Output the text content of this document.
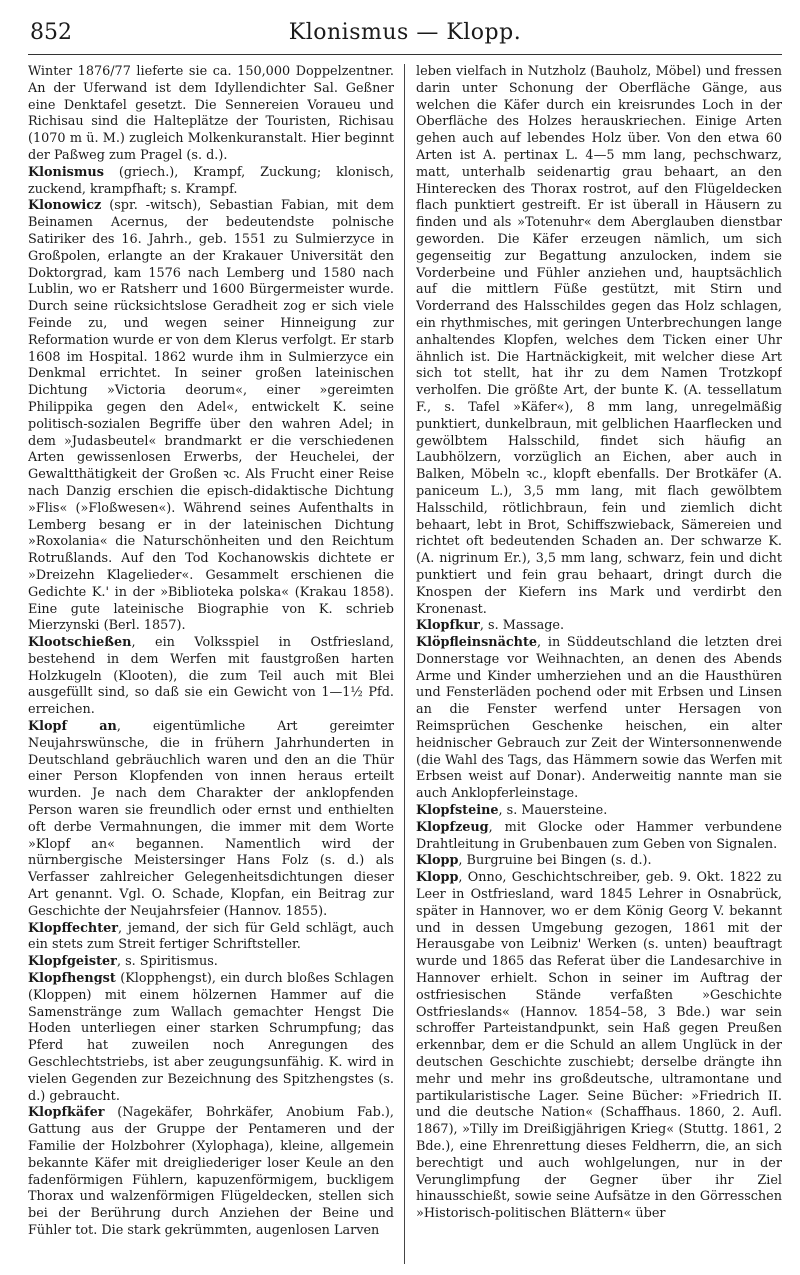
852	Klonismus — Klopp.

Winter 1876/77 lieferte sie ca. 150,000 Doppelzentner. An der Uferwand ist dem Idyllendichter Sal. Geßner eine Denktafel gesetzt. Die Sennereien Voraueu und Richisau sind die Halteplätze der Touristen, Richisau (1070 m ü. M.) zugleich Molkenkuranstalt. Hier beginnt der Paßweg zum Pragel (s. d.).

Klonismus (griech.), Krampf, Zuckung; klonisch, zuckend, krampfhaft; s. Krampf.

Klonowicz (spr. -witsch), Sebastian Fabian, mit dem Beinamen Acernus, der bedeutendste polnische Satiriker des 16. Jahrh., geb. 1551 zu Sulmierzyce in Großpolen, erlangte an der Krakauer Universität den Doktorgrad, kam 1576 nach Lemberg und 1580 nach Lublin, wo er Ratsherr und 1600 Bürgermeister wurde. Durch seine rücksichtslose Geradheit zog er sich viele Feinde zu, und wegen seiner Hinneigung zur Reformation wurde er von dem Klerus verfolgt. Er starb 1608 im Hospital. 1862 wurde ihm in Sulmierzyce ein Denkmal errichtet. In seiner großen lateinischen Dichtung »Victoria deorum«, einer »gereimten Philippika gegen den Adel«, entwickelt K. seine politisch-sozialen Begriffe über den wahren Adel; in dem »Judasbeutel« brandmarkt er die verschiedenen Arten gewissenlosen Erwerbs, der Heuchelei, der Gewaltthätigkeit der Großen ꝛc. Als Frucht einer Reise nach Danzig erschien die episch-didaktische Dichtung »Flis« (»Floßwesen«). Während seines Aufenthalts in Lemberg besang er in der lateinischen Dichtung »Roxolania« die Naturschönheiten und den Reichtum Rotrußlands. Auf den Tod Kochanowskis dichtete er »Dreizehn Klagelieder«. Gesammelt erschienen die Gedichte K.' in der »Biblioteka polska« (Krakau 1858). Eine gute lateinische Biographie von K. schrieb Mierzynski (Berl. 1857).

Klootschießen, ein Volksspiel in Ostfriesland, bestehend in dem Werfen mit faustgroßen harten Holzkugeln (Klooten), die zum Teil auch mit Blei ausgefüllt sind, so daß sie ein Gewicht von 1—1½ Pfd. erreichen.

Klopf an, eigentümliche Art gereimter Neujahrswünsche, die in frühern Jahrhunderten in Deutschland gebräuchlich waren und den an die Thür einer Person Klopfenden von innen heraus erteilt wurden. Je nach dem Charakter der anklopfenden Person waren sie freundlich oder ernst und enthielten oft derbe Vermahnungen, die immer mit dem Worte »Klopf an« begannen. Namentlich wird der nürnbergische Meistersinger Hans Folz (s. d.) als Verfasser zahlreicher Gelegenheitsdichtungen dieser Art genannt. Vgl. O. Schade, Klopfan, ein Beitrag zur Geschichte der Neujahrsfeier (Hannov. 1855).

Klopffechter, jemand, der sich für Geld schlägt, auch ein stets zum Streit fertiger Schriftsteller.

Klopfgeister, s. Spiritismus.

Klopfhengst (Klopphengst), ein durch bloßes Schlagen (Kloppen) mit einem hölzernen Hammer auf die Samenstränge zum Wallach gemachter Hengst Die Hoden unterliegen einer starken Schrumpfung; das Pferd hat zuweilen noch Anregungen des Geschlechtstriebs, ist aber zeugungsunfähig. K. wird in vielen Gegenden zur Bezeichnung des Spitzhengstes (s. d.) gebraucht.

Klopfkäfer (Nagekäfer, Bohrkäfer, Anobium Fab.), Gattung aus der Gruppe der Pentameren und der Familie der Holzbohrer (Xylophaga), kleine, allgemein bekannte Käfer mit dreigliederiger loser Keule an den fadenförmigen Fühlern, kapuzenförmigem, buckligem Thorax und walzenförmigen Flügeldecken, stellen sich bei der Berührung durch Anziehen der Beine und Fühler tot. Die stark gekrümmten, augenlosen Larven

leben vielfach in Nutzholz (Bauholz, Möbel) und fressen darin unter Schonung der Oberfläche Gänge, aus welchen die Käfer durch ein kreisrundes Loch in der Oberfläche des Holzes herauskriechen. Einige Arten gehen auch auf lebendes Holz über. Von den etwa 60 Arten ist A. pertinax L. 4—5 mm lang, pechschwarz, matt, unterhalb seidenartig grau behaart, an den Hinterecken des Thorax rostrot, auf den Flügeldecken flach punktiert gestreift. Er ist überall in Häusern zu finden und als »Totenuhr« dem Aberglauben dienstbar geworden. Die Käfer erzeugen nämlich, um sich gegenseitig zur Begattung anzulocken, indem sie Vorderbeine und Fühler anziehen und, hauptsächlich auf die mittlern Füße gestützt, mit Stirn und Vorderrand des Halsschildes gegen das Holz schlagen, ein rhythmisches, mit geringen Unterbrechungen lange anhaltendes Klopfen, welches dem Ticken einer Uhr ähnlich ist. Die Hartnäckigkeit, mit welcher diese Art sich tot stellt, hat ihr zu dem Namen Trotzkopf verholfen. Die größte Art, der bunte K. (A. tessellatum F., s. Tafel »Käfer«), 8 mm lang, unregelmäßig punktiert, dunkelbraun, mit gelblichen Haarflecken und gewölbtem Halsschild, findet sich häufig an Laubhölzern, vorzüglich an Eichen, aber auch in Balken, Möbeln ꝛc., klopft ebenfalls. Der Brotkäfer (A. paniceum L.), 3,5 mm lang, mit flach gewölbtem Halsschild, rötlichbraun, fein und ziemlich dicht behaart, lebt in Brot, Schiffszwieback, Sämereien und richtet oft bedeutenden Schaden an. Der schwarze K. (A. nigrinum Er.), 3,5 mm lang, schwarz, fein und dicht punktiert und fein grau behaart, dringt durch die Knospen der Kiefern ins Mark und verdirbt den Kronenast.

Klopfkur, s. Massage.

Klöpfleinsnächte, in Süddeutschland die letzten drei Donnerstage vor Weihnachten, an denen des Abends Arme und Kinder umherziehen und an die Hausthüren und Fensterläden pochend oder mit Erbsen und Linsen an die Fenster werfend unter Hersagen von Reimsprüchen Geschenke heischen, ein alter heidnischer Gebrauch zur Zeit der Wintersonnenwende (die Wahl des Tags, das Hämmern sowie das Werfen mit Erbsen weist auf Donar). Anderweitig nannte man sie auch Anklopferleinstage.

Klopfsteine, s. Mauersteine.

Klopfzeug, mit Glocke oder Hammer verbundene Drahtleitung in Grubenbauen zum Geben von Signalen.

Klopp, Burgruine bei Bingen (s. d.).

Klopp, Onno, Geschichtschreiber, geb. 9. Okt. 1822 zu Leer in Ostfriesland, ward 1845 Lehrer in Osnabrück, später in Hannover, wo er dem König Georg V. bekannt und in dessen Umgebung gezogen, 1861 mit der Herausgabe von Leibniz' Werken (s. unten) beauftragt wurde und 1865 das Referat über die Landesarchive in Hannover erhielt. Schon in seiner im Auftrag der ostfriesischen Stände verfaßten »Geschichte Ostfrieslands« (Hannov. 1854–58, 3 Bde.) war sein schroffer Parteistandpunkt, sein Haß gegen Preußen erkennbar, dem er die Schuld an allem Unglück in der deutschen Geschichte zuschiebt; derselbe drängte ihn mehr und mehr ins großdeutsche, ultramontane und partikularistische Lager. Seine Bücher: »Friedrich II. und die deutsche Nation« (Schaffhaus. 1860, 2. Aufl. 1867), »Tilly im Dreißigjährigen Krieg« (Stuttg. 1861, 2 Bde.), eine Ehrenrettung dieses Feldherrn, die, an sich berechtigt und auch wohlgelungen, nur in der Verunglimpfung der Gegner über ihr Ziel hinausschießt, sowie seine Aufsätze in den Görresschen »Historisch-politischen Blättern« über
